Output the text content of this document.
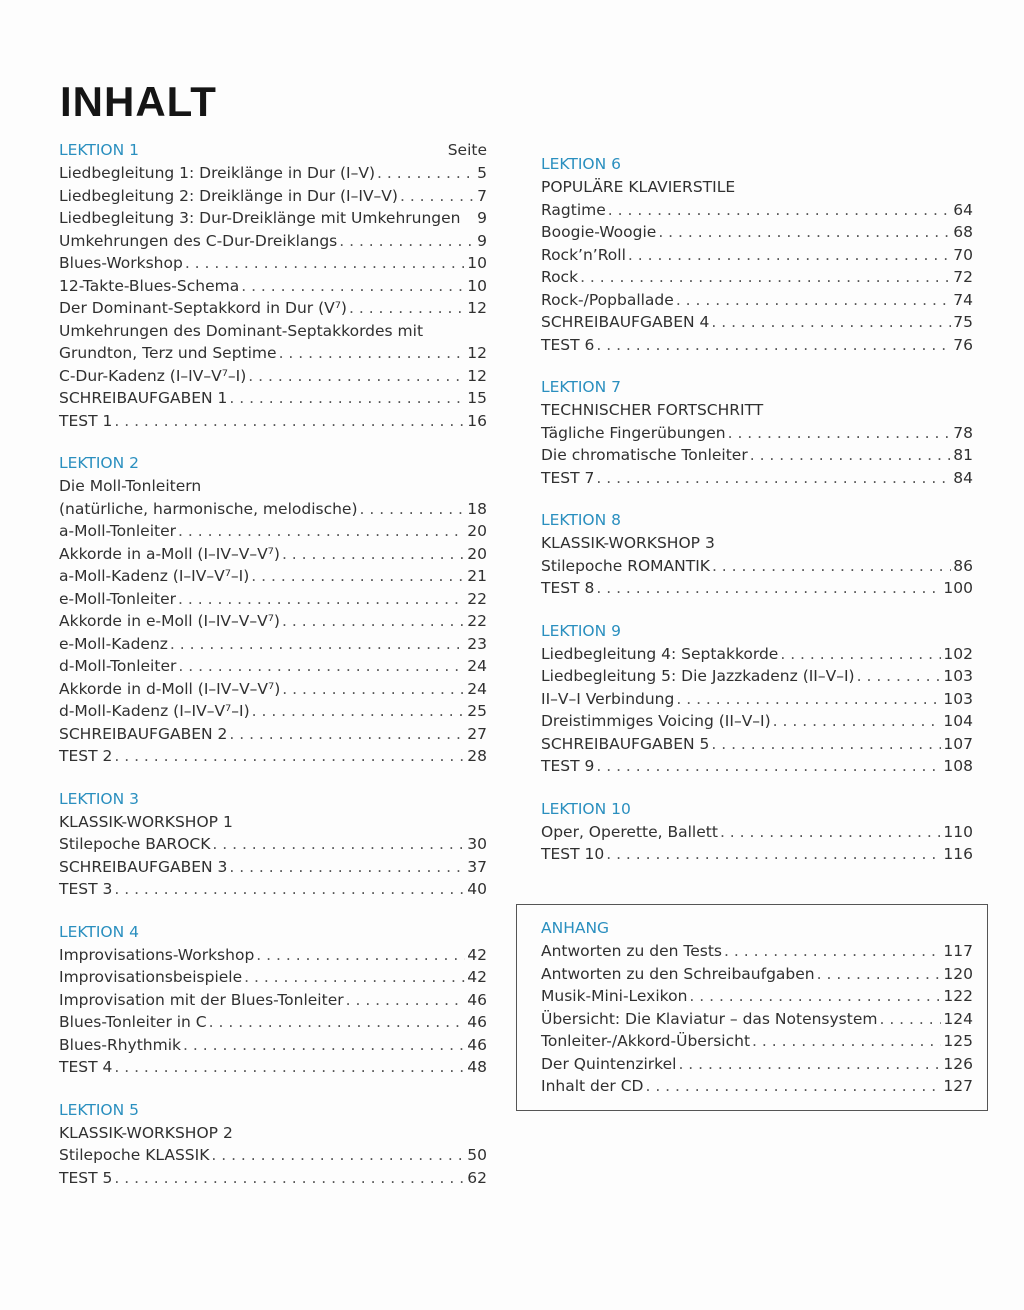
INHALT
LEKTION 1	Seite
Liedbegleitung 1: Dreiklänge in Dur (I–V) . . .	5
Liedbegleitung 2: Dreiklänge in Dur (I–IV–V) . . .	7
Liedbegleitung 3: Dur-Dreiklänge mit Umkehrungen 9
Umkehrungen des C-Dur-Dreiklangs . . .	9
Blues-Workshop . . .	10
12-Takte-Blues-Schema . . .	10
Der Dominant-Septakkord in Dur (V⁷) . . .	12
Umkehrungen des Dominant-Septakkordes mit
Grundton, Terz und Septime . . .	12
C-Dur-Kadenz (I–IV–V⁷–I) . . .	12
SCHREIBAUFGABEN 1 . . .	15
TEST 1 . . .	16
LEKTION 2
Die Moll-Tonleitern
(natürliche, harmonische, melodische) . . .	18
a-Moll-Tonleiter . . .	20
Akkorde in a-Moll (I–IV–V–V⁷) . . .	20
a-Moll-Kadenz (I–IV–V⁷–I) . . .	21
e-Moll-Tonleiter . . .	22
Akkorde in e-Moll (I–IV–V–V⁷) . . .	22
e-Moll-Kadenz . . .	23
d-Moll-Tonleiter . . .	24
Akkorde in d-Moll (I–IV–V–V⁷) . . .	24
d-Moll-Kadenz (I–IV–V⁷–I) . . .	25
SCHREIBAUFGABEN 2 . . .	27
TEST 2 . . .	28
LEKTION 3
KLASSIK-WORKSHOP 1
Stilepoche BAROCK . . .	30
SCHREIBAUFGABEN 3 . . .	37
TEST 3 . . .	40
LEKTION 4
Improvisations-Workshop . . .	42
Improvisationsbeispiele . . .	42
Improvisation mit der Blues-Tonleiter . . .	46
Blues-Tonleiter in C . . .	46
Blues-Rhythmik . . .	46
TEST 4 . . .	48
LEKTION 5
KLASSIK-WORKSHOP 2
Stilepoche KLASSIK . . .	50
TEST 5 . . .	62
LEKTION 6
POPULÄRE KLAVIERSTILE
Ragtime . . .	64
Boogie-Woogie . . .	68
Rock’n’Roll . . .	70
Rock . . .	72
Rock-/Popballade . . .	74
SCHREIBAUFGABEN 4 . . .	75
TEST 6 . . .	76
LEKTION 7
TECHNISCHER FORTSCHRITT
Tägliche Fingerübungen . . .	78
Die chromatische Tonleiter . . .	81
TEST 7 . . .	84
LEKTION 8
KLASSIK-WORKSHOP 3
Stilepoche ROMANTIK . . .	86
TEST 8 . . .	100
LEKTION 9
Liedbegleitung 4: Septakkorde . . .	102
Liedbegleitung 5: Die Jazzkadenz (II–V–I) . . .	103
II–V–I Verbindung . . .	103
Dreistimmiges Voicing (II–V–I) . . .	104
SCHREIBAUFGABEN 5 . . .	107
TEST 9 . . .	108
LEKTION 10
Oper, Operette, Ballett . . .	110
TEST 10 . . .	116
ANHANG
Antworten zu den Tests . . .	117
Antworten zu den Schreibaufgaben . . .	120
Musik-Mini-Lexikon . . .	122
Übersicht: Die Klaviatur – das Notensystem . . .	124
Tonleiter-/Akkord-Übersicht . . .	125
Der Quintenzirkel . . .	126
Inhalt der CD . . .	127
